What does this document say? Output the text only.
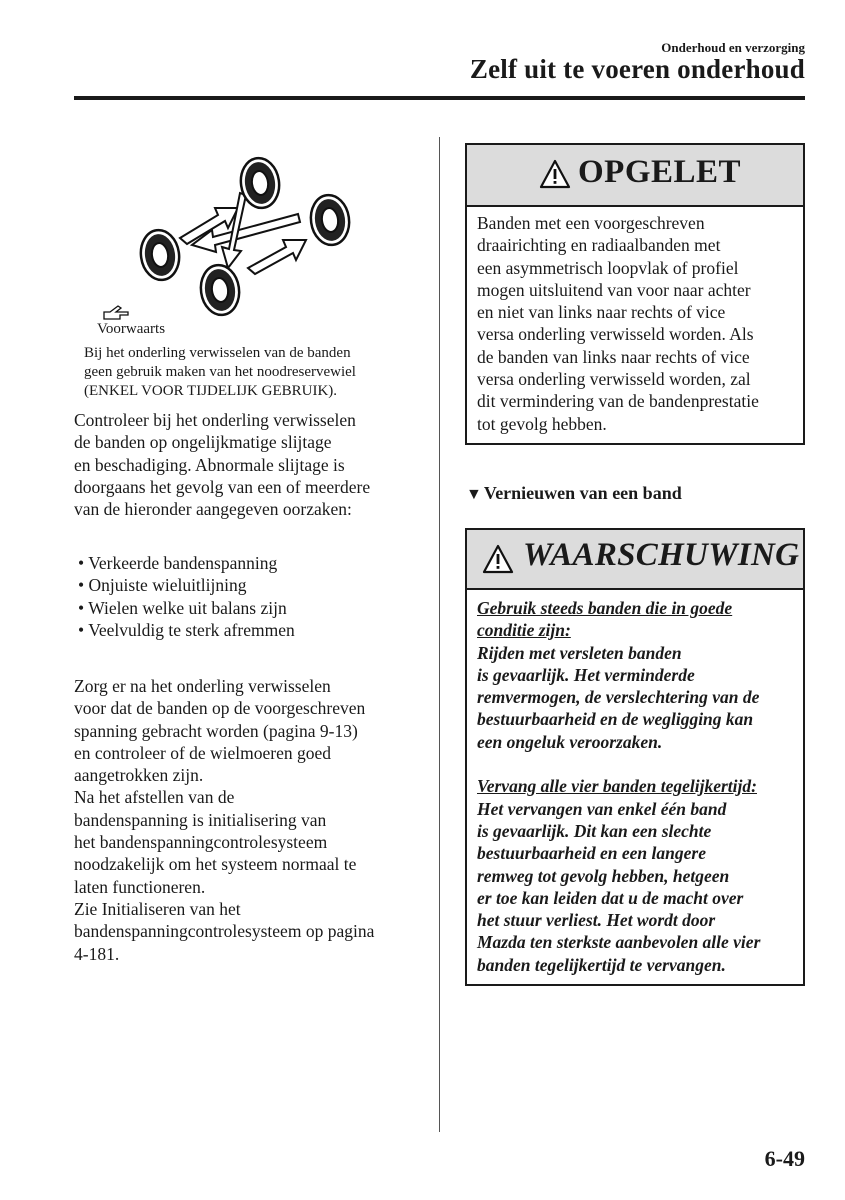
Onderhoud en verzorging
Zelf uit te voeren onderhoud
Voorwaarts
Bij het onderling verwisselen van de banden
geen gebruik maken van het noodreservewiel
(ENKEL VOOR TIJDELIJK GEBRUIK).
Controleer bij het onderling verwisselen
de banden op ongelijkmatige slijtage
en beschadiging. Abnormale slijtage is
doorgaans het gevolg van een of meerdere
van de hieronder aangegeven oorzaken:
• Verkeerde bandenspanning
• Onjuiste wieluitlijning
• Wielen welke uit balans zijn
• Veelvuldig te sterk afremmen
Zorg er na het onderling verwisselen
voor dat de banden op de voorgeschreven
spanning gebracht worden (pagina 9-13)
en controleer of de wielmoeren goed
aangetrokken zijn.
Na het afstellen van de
bandenspanning is initialisering van
het bandenspanningcontrolesysteem
noodzakelijk om het systeem normaal te
laten functioneren.
Zie Initialiseren van het
bandenspanningcontrolesysteem op pagina
4-181.
OPGELET
Banden met een voorgeschreven
draairichting en radiaalbanden met
een asymmetrisch loopvlak of profiel
mogen uitsluitend van voor naar achter
en niet van links naar rechts of vice
versa onderling verwisseld worden. Als
de banden van links naar rechts of vice
versa onderling verwisseld worden, zal
dit vermindering van de bandenprestatie
tot gevolg hebben.
▼ Vernieuwen van een band
WAARSCHUWING
Gebruik steeds banden die in goede
conditie zijn:
Rijden met versleten banden
is gevaarlijk. Het verminderde
remvermogen, de verslechtering van de
bestuurbaarheid en de wegligging kan
een ongeluk veroorzaken.
Vervang alle vier banden tegelijkertijd:
Het vervangen van enkel één band
is gevaarlijk. Dit kan een slechte
bestuurbaarheid en een langere
remweg tot gevolg hebben, hetgeen
er toe kan leiden dat u de macht over
het stuur verliest. Het wordt door
Mazda ten sterkste aanbevolen alle vier
banden tegelijkertijd te vervangen.
6-49
